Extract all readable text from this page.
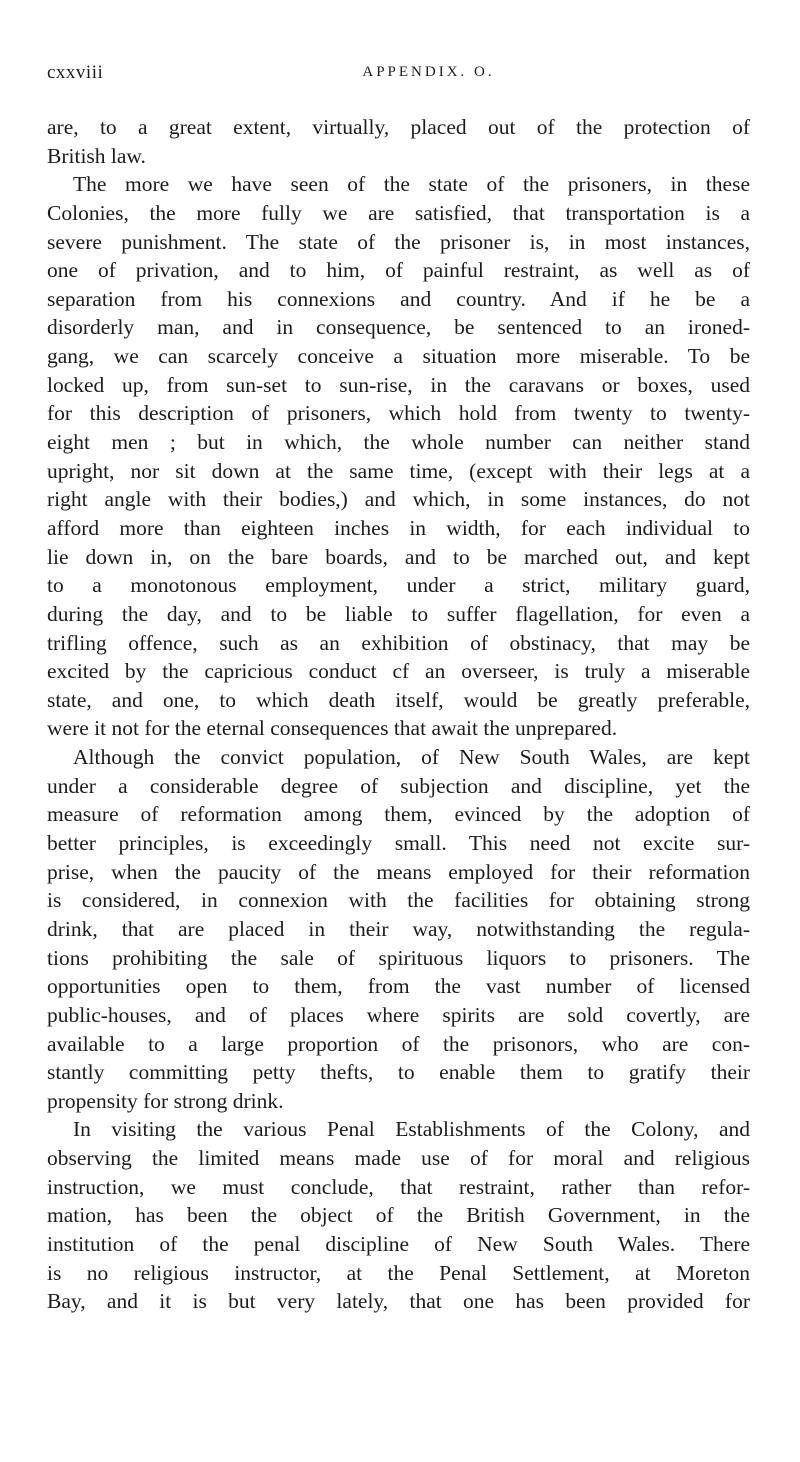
cxxviii	APPENDIX. O.
are, to a great extent, virtually, placed out of the protection of
British law.
The more we have seen of the state of the prisoners, in these
Colonies, the more fully we are satisfied, that transportation is a
severe punishment. The state of the prisoner is, in most instances,
one of privation, and to him, of painful restraint, as well as of
separation from his connexions and country. And if he be a
disorderly man, and in consequence, be sentenced to an ironed-
gang, we can scarcely conceive a situation more miserable. To be
locked up, from sun-set to sun-rise, in the caravans or boxes, used
for this description of prisoners, which hold from twenty to twenty-
eight men ; but in which, the whole number can neither stand
upright, nor sit down at the same time, (except with their legs at a
right angle with their bodies,) and which, in some instances, do not
afford more than eighteen inches in width, for each individual to
lie down in, on the bare boards, and to be marched out, and kept
to a monotonous employment, under a strict, military guard,
during the day, and to be liable to suffer flagellation, for even a
trifling offence, such as an exhibition of obstinacy, that may be
excited by the capricious conduct cf an overseer, is truly a miserable
state, and one, to which death itself, would be greatly preferable,
were it not for the eternal consequences that await the unprepared.
Although the convict population, of New South Wales, are kept
under a considerable degree of subjection and discipline, yet the
measure of reformation among them, evinced by the adoption of
better principles, is exceedingly small. This need not excite sur-
prise, when the paucity of the means employed for their reformation
is considered, in connexion with the facilities for obtaining strong
drink, that are placed in their way, notwithstanding the regula-
tions prohibiting the sale of spirituous liquors to prisoners. The
opportunities open to them, from the vast number of licensed
public-houses, and of places where spirits are sold covertly, are
available to a large proportion of the prisonors, who are con-
stantly committing petty thefts, to enable them to gratify their
propensity for strong drink.
In visiting the various Penal Establishments of the Colony, and
observing the limited means made use of for moral and religious
instruction, we must conclude, that restraint, rather than refor-
mation, has been the object of the British Government, in the
institution of the penal discipline of New South Wales. There
is no religious instructor, at the Penal Settlement, at Moreton
Bay, and it is but very lately, that one has been provided for
